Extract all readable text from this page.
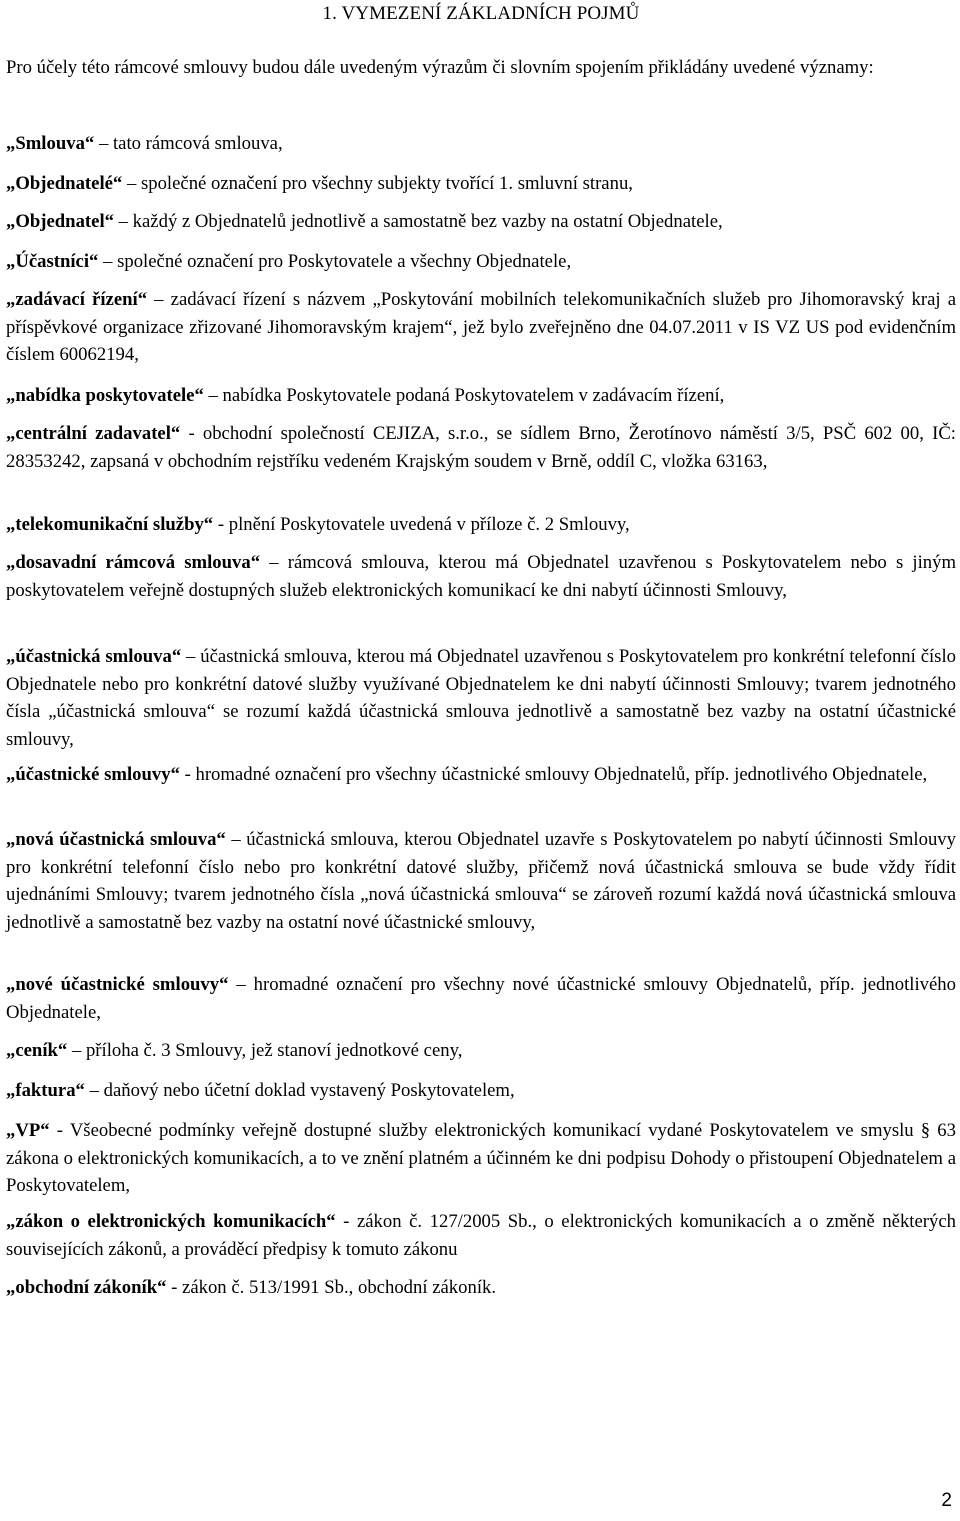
1. VYMEZENÍ ZÁKLADNÍCH POJMŮ

Pro účely této rámcové smlouvy budou dále uvedeným výrazům či slovním spojením přikládány uvedené významy:

„Smlouva“ – tato rámcová smlouva,

„Objednatelé“ – společné označení pro všechny subjekty tvořící 1. smluvní stranu,

„Objednatel“ – každý z Objednatelů jednotlivě a samostatně bez vazby na ostatní Objednatele,

„Účastníci“ – společné označení pro Poskytovatele a všechny Objednatele,

„zadávací řízení“ – zadávací řízení s názvem „Poskytování mobilních telekomunikačních služeb pro Jihomoravský kraj a příspěvkové organizace zřizované Jihomoravským krajem“, jež bylo zveřejněno dne 04.07.2011 v IS VZ US pod evidenčním číslem 60062194,

„nabídka poskytovatele“ – nabídka Poskytovatele podaná Poskytovatelem v zadávacím řízení,

„centrální zadavatel“ - obchodní společností CEJIZA, s.r.o., se sídlem Brno, Žerotínovo náměstí 3/5, PSČ 602 00, IČ: 28353242, zapsaná v obchodním rejstříku vedeném Krajským soudem v Brně, oddíl C, vložka 63163,

„telekomunikační služby“ - plnění Poskytovatele uvedená v příloze č. 2 Smlouvy,

„dosavadní rámcová smlouva“ – rámcová smlouva, kterou má Objednatel uzavřenou s Poskytovatelem nebo s jiným poskytovatelem veřejně dostupných služeb elektronických komunikací ke dni nabytí účinnosti Smlouvy,

„účastnická smlouva“ – účastnická smlouva, kterou má Objednatel uzavřenou s Poskytovatelem pro konkrétní telefonní číslo Objednatele nebo pro konkrétní datové služby využívané Objednatelem ke dni nabytí účinnosti Smlouvy; tvarem jednotného čísla „účastnická smlouva“ se rozumí každá účastnická smlouva jednotlivě a samostatně bez vazby na ostatní účastnické smlouvy,

„účastnické smlouvy“ - hromadné označení pro všechny účastnické smlouvy Objednatelů, příp. jednotlivého Objednatele,

„nová účastnická smlouva“ – účastnická smlouva, kterou Objednatel uzavře s Poskytovatelem po nabytí účinnosti Smlouvy pro konkrétní telefonní číslo nebo pro konkrétní datové služby, přičemž nová účastnická smlouva se bude vždy řídit ujednáními Smlouvy; tvarem jednotného čísla „nová účastnická smlouva“ se zároveň rozumí každá nová účastnická smlouva jednotlivě a samostatně bez vazby na ostatní nové účastnické smlouvy,

„nové účastnické smlouvy“ – hromadné označení pro všechny nové účastnické smlouvy Objednatelů, příp. jednotlivého Objednatele,

„ceník“ – příloha č. 3 Smlouvy, jež stanoví jednotkové ceny,

„faktura“ – daňový nebo účetní doklad vystavený Poskytovatelem,

„VP“ - Všeobecné podmínky veřejně dostupné služby elektronických komunikací vydané Poskytovatelem ve smyslu § 63 zákona o elektronických komunikacích, a to ve znění platném a účinném ke dni podpisu Dohody o přistoupení Objednatelem a Poskytovatelem,

„zákon o elektronických komunikacích“ - zákon č. 127/2005 Sb., o elektronických komunikacích a o změně některých souvisejících zákonů, a prováděcí předpisy k tomuto zákonu

„obchodní zákoník“ - zákon č. 513/1991 Sb., obchodní zákoník.

2
